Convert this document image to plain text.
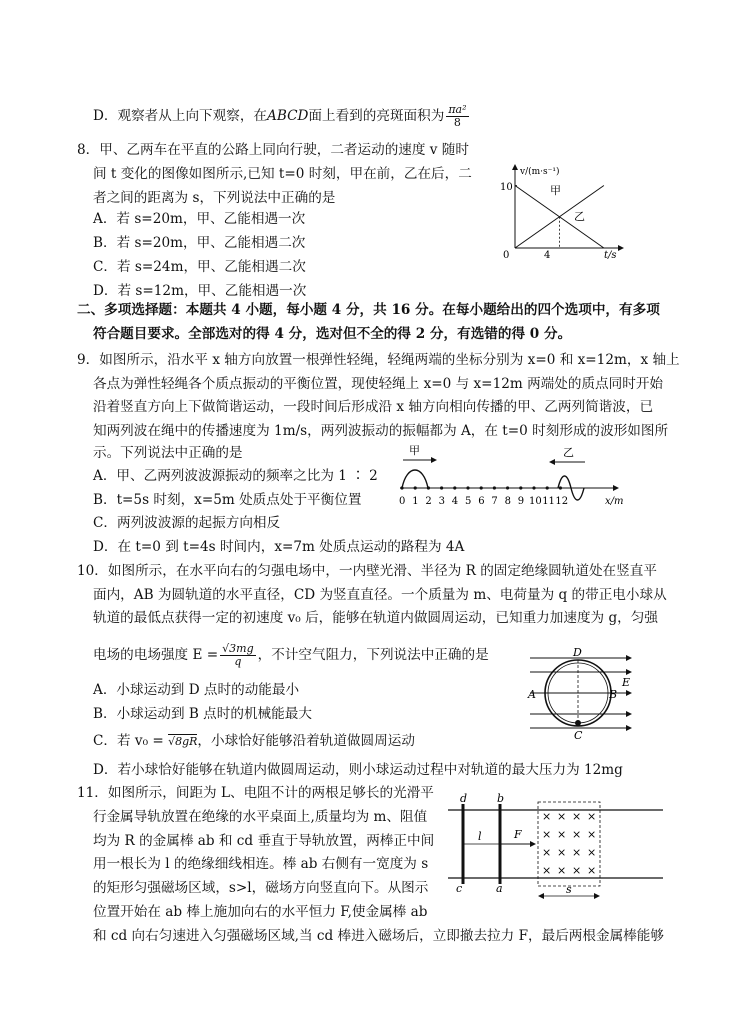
D．观察者从上向下观察，在ABCD面上看到的亮斑面积为 $\frac{\text{πa²}}{8}$
8．甲、乙两车在平直的公路上同向行驶，二者运动的速度 v 随时
间 t 变化的图像如图所示,已知 t=0 时刻，甲在前，乙在后，二
者之间的距离为 s，下列说法中正确的是
A．若 s=20m，甲、乙能相遇一次
B．若 s=20m，甲、乙能相遇二次
C．若 s=24m，甲、乙能相遇二次
D．若 s=12m，甲、乙能相遇一次
v/(m·s⁻¹)
10
0	4	t/s
甲
乙
二、多项选择题：本题共 4 小题，每小题 4 分，共 16 分。在每小题给出的四个选项中，有多项
符合题目要求。全部选对的得 4 分，选对但不全的得 2 分，有选错的得 0 分。
9．如图所示，沿水平 x 轴方向放置一根弹性轻绳，轻绳两端的坐标分别为 x=0 和 x=12m，x 轴上
各点为弹性轻绳各个质点振动的平衡位置，现使轻绳上 x=0 与 x=12m 两端处的质点同时开始
沿着竖直方向上下做简谐运动，一段时间后形成沿 x 轴方向相向传播的甲、乙两列简谐波，已
知两列波在绳中的传播速度为 1m/s，两列波振动的振幅都为 A，在 t=0 时刻形成的波形如图所
示。下列说法中正确的是
A．甲、乙两列波波源振动的频率之比为 1 ∶ 2
B．t=5s 时刻，x=5m 处质点处于平衡位置
C．两列波波源的起振方向相反
D．在 t=0 到 t=4s 时间内，x=7m 处质点运动的路程为 4A
0 1 2 3 4 5 6 7 8 9 10 11 12
甲	乙
x/m
10．如图所示，在水平向右的匀强电场中，一内壁光滑、半径为 R 的固定绝缘圆轨道处在竖直平
面内，AB 为圆轨道的水平直径，CD 为竖直直径。一个质量为 m、电荷量为 q 的带正电小球从
轨道的最低点获得一定的初速度 v₀ 后，能够在轨道内做圆周运动，已知重力加速度为 g，匀强
电场的电场强度 $E = \frac{√3mg}{q}$ ，不计空气阻力，下列说法中正确的是
A．小球运动到 D 点时的动能最小
B．小球运动到 B 点时的机械能最大
C．若 v₀ = √8gR，小球恰好能够沿着轨道做圆周运动
D．若小球恰好能够在轨道内做圆周运动，则小球运动过程中对轨道的最大压力为 12mg
D
E
A	B
C
11．如图所示，间距为 L、电阻不计的两根足够长的光滑平
行金属导轨放置在绝缘的水平桌面上,质量均为 m、阻值
均为 R 的金属棒 ab 和 cd 垂直于导轨放置，两棒正中间
用一根长为 l 的绝缘细线相连。棒 ab 右侧有一宽度为 s
的矩形匀强磁场区域，s>l，磁场方向竖直向下。从图示
位置开始在 ab 棒上施加向右的水平恒力 F,使金属棒 ab
和 cd 向右匀速进入匀强磁场区域,当 cd 棒进入磁场后，立即撤去拉力 F，最后两根金属棒能够
× × × ×
× × × ×
× × × ×
× × × ×
d	b
l	F
c	a	s
